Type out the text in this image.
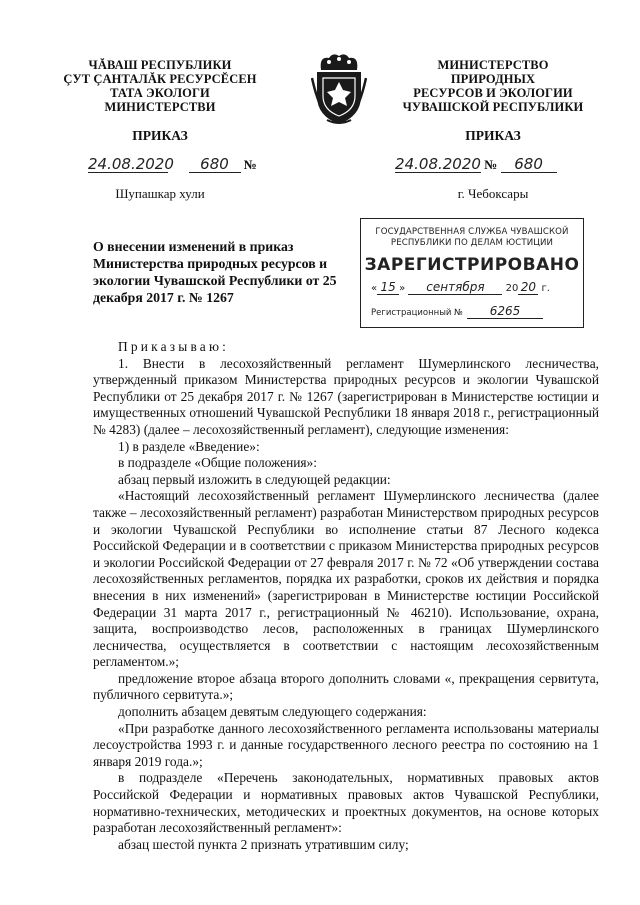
ЧĂВАШ РЕСПУБЛИКИ
ÇУТ ÇАНТАЛĂК РЕСУРСĔСЕН
ТАТА ЭКОЛОГИ
МИНИСТЕРСТВИ
МИНИСТЕРСТВО
ПРИРОДНЫХ
РЕСУРСОВ И ЭКОЛОГИИ
ЧУВАШСКОЙ РЕСПУБЛИКИ
ПРИКАЗ	ПРИКАЗ
24.08.2020 680 №	24.08.2020 № 680
Шупашкар хули	г. Чебоксары
О внесении изменений в приказ Министерства природных ресурсов и экологии Чувашской Республики от 25 декабря 2017 г. № 1267
ГОСУДАРСТВЕННАЯ СЛУЖБА ЧУВАШСКОЙ
РЕСПУБЛИКИ ПО ДЕЛАМ ЮСТИЦИИ
ЗАРЕГИСТРИРОВАНО
« 15 » сентября 20 20 г.
Регистрационный № 6265

Приказываю:

1. Внести в лесохозяйственный регламент Шумерлинского лесничества, утвержденный приказом Министерства природных ресурсов и экологии Чувашской Республики от 25 декабря 2017 г. № 1267 (зарегистрирован в Министерстве юстиции и имущественных отношений Чувашской Республики 18 января 2018 г., регистрационный № 4283) (далее – лесохозяйственный регламент), следующие изменения:

1) в разделе «Введение»:

в подразделе «Общие положения»:

абзац первый изложить в следующей редакции:

«Настоящий лесохозяйственный регламент Шумерлинского лесничества (далее также – лесохозяйственный регламент) разработан Министерством природных ресурсов и экологии Чувашской Республики во исполнение статьи 87 Лесного кодекса Российской Федерации и в соответствии с приказом Министерства природных ресурсов и экологии Российской Федерации от 27 февраля 2017 г. № 72 «Об утверждении состава лесохозяйственных регламентов, порядка их разработки, сроков их действия и порядка внесения в них изменений» (зарегистрирован в Министерстве юстиции Российской Федерации 31 марта 2017 г., регистрационный № 46210). Использование, охрана, защита, воспроизводство лесов, расположенных в границах Шумерлинского лесничества, осуществляется в соответствии с настоящим лесохозяйственным регламентом.»;

предложение второе абзаца второго дополнить словами «, прекращения сервитута, публичного сервитута.»;

дополнить абзацем девятым следующего содержания:

«При разработке данного лесохозяйственного регламента использованы материалы лесоустройства 1993 г. и данные государственного лесного реестра по состоянию на 1 января 2019 года.»;

в подразделе «Перечень законодательных, нормативных правовых актов Российской Федерации и нормативных правовых актов Чувашской Республики, нормативно-технических, методических и проектных документов, на основе которых разработан лесохозяйственный регламент»:

абзац шестой пункта 2 признать утратившим силу;
